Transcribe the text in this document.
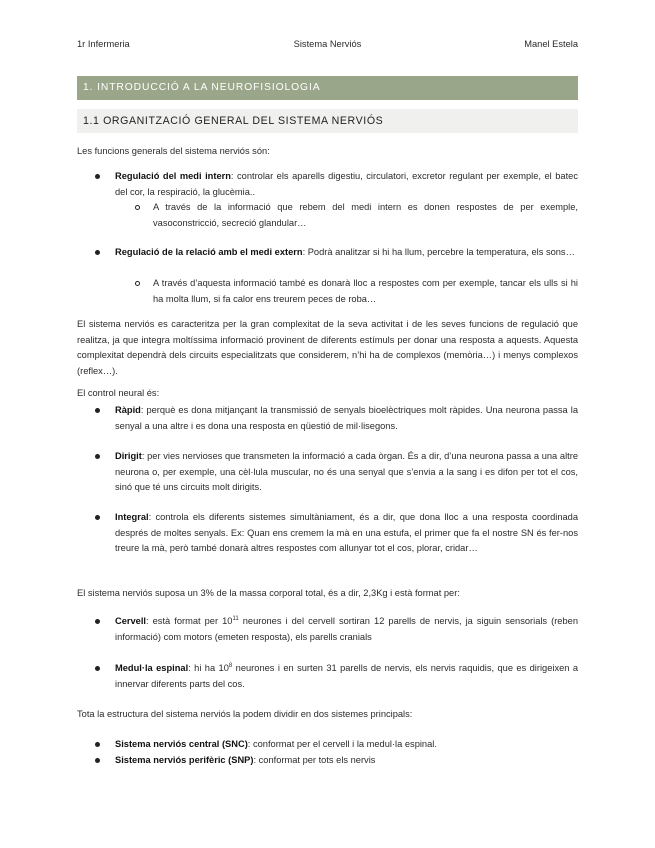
1r Infermeria	Sistema Nerviós	Manel Estela
1. INTRODUCCIÓ A LA NEUROFISIOLOGIA
1.1 ORGANITZACIÓ GENERAL DEL SISTEMA NERVIÓS
Les funcions generals del sistema nerviós són:
Regulació del medi intern: controlar els aparells digestiu, circulatori, excretor regulant per exemple, el batec del cor, la respiració, la glucèmia..
A través de la informació que rebem del medi intern es donen respostes de per exemple, vasoconstricció, secreció glandular…
Regulació de la relació amb el medi extern: Podrà analitzar si hi ha llum, percebre la temperatura, els sons…
A través d’aquesta informació també es donarà lloc a respostes com per exemple, tancar els ulls si hi ha molta llum, si fa calor ens treurem peces de roba…
El sistema nerviós es caracteritza per la gran complexitat de la seva activitat i de les seves funcions de regulació que realitza, ja que integra moltíssima informació provinent de diferents estímuls per donar una resposta a aquests. Aquesta complexitat dependrà dels circuits especialitzats que considerem, n’hi ha de complexos (memòria…) i menys complexos (reflex…).
El control neural és:
Ràpid: perquè es dona mitjançant la transmissió de senyals bioelèctriques molt ràpides. Una neurona passa la senyal a una altre i es dona una resposta en qüestió de mil·lisegons.
Dirigit: per vies nervioses que transmeten la informació a cada òrgan. És a dir, d’una neurona passa a una altre neurona o, per exemple, una cèl·lula muscular, no és una senyal que s’envia a la sang i es difon per tot el cos, sinó que té uns circuits molt dirigits.
Integral: controla els diferents sistemes simultàniament, és a dir, que dona lloc a una resposta coordinada després de moltes senyals. Ex: Quan ens cremem la mà en una estufa, el primer que fa el nostre SN és fer-nos treure la mà, però també donarà altres respostes com allunyar tot el cos, plorar, cridar…
El sistema nerviós suposa un 3% de la massa corporal total, és a dir, 2,3Kg i està format per:
Cervell: està format per $10^{11}$ neurones i del cervell sortiran 12 parells de nervis, ja siguin sensorials (reben informació) com motors (emeten resposta), els parells cranials
Medul·la espinal: hi ha $10^8$ neurones i en surten 31 parells de nervis, els nervis raquidis, que es dirigeixen a innervar diferents parts del cos.
Tota la estructura del sistema nerviós la podem dividir en dos sistemes principals:
Sistema nerviós central (SNC): conformat per el cervell i la medul·la espinal.
Sistema nerviós perifèric (SNP): conformat per tots els nervis
